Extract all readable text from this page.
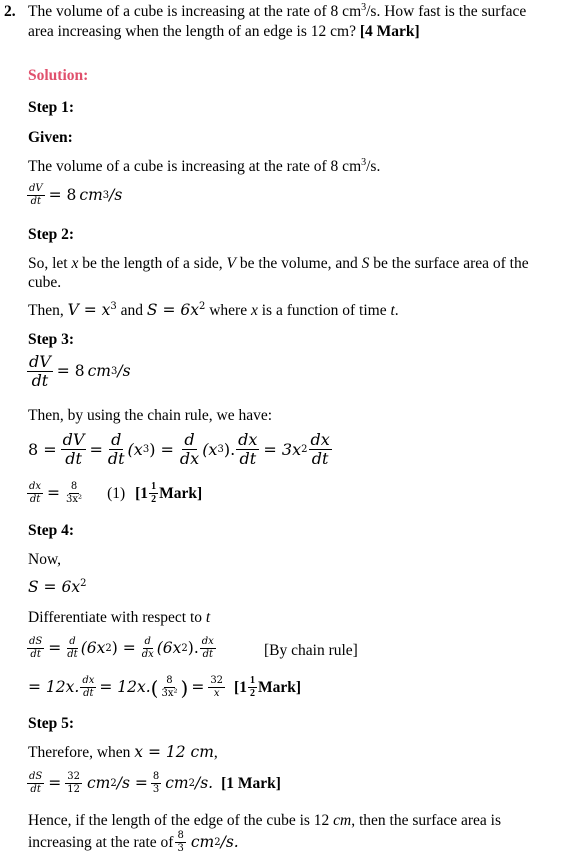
2. The volume of a cube is increasing at the rate of 8 $cm^3/s$. How fast is the surface
area increasing when the length of an edge is 12 cm? [4 Mark]
Solution:
Step 1:
Given:
The volume of a cube is increasing at the rate of 8 $cm^3/s$.
$\frac{dV}{dt} = 8$ cm 3 /s
Step 2:
So, let x be the length of a side, V be the volume, and S be the surface area of the
cube.
Then, $V = x^3$ and $S = 6x^2$ where x is a function of time t.
Step 3:
$\frac{dV}{dt} = 8$ cm 3 /s
Then, by using the chain rule, we have:
$8 = \frac{dV}{dt} = \frac{d}{dt} (x$ 3 ) = $\frac{d}{dx} (x$ 3 ). $\frac{dx}{dt} = 3x$ $2 \frac{dx}{dt}$
$\frac{dx}{dt} = \frac{8}{\text{3x²}} (1)$ [$1 \frac{1}{2}$ Mark]
Step 4:
Now,
$S = 6x^2$
Differentiate with respect to t
$\frac{dS}{dt} = \frac{d}{dt} (6x$ 2 ) = $\frac{d}{dx} (6x$ 2 ). $\frac{dx}{dt}$	[By chain rule]
= 12x. $\frac{dx}{dt} = 12x$. ( $\frac{8}{\text{3x²}}$ ) = $\frac{32}{x} [1 \frac{1}{2}$ Mark]
Step 5:
Therefore, when x = 12 cm,
$\frac{dS}{dt} = \frac{32}{12}$ cm 2 $/s = \frac{8}{3}$ cm 2 /s. [1 Mark]
Hence, if the length of the edge of the cube is 12 cm, then the surface area is
increasing at the rate of $\frac{8}{3}$ cm 2 /s.
